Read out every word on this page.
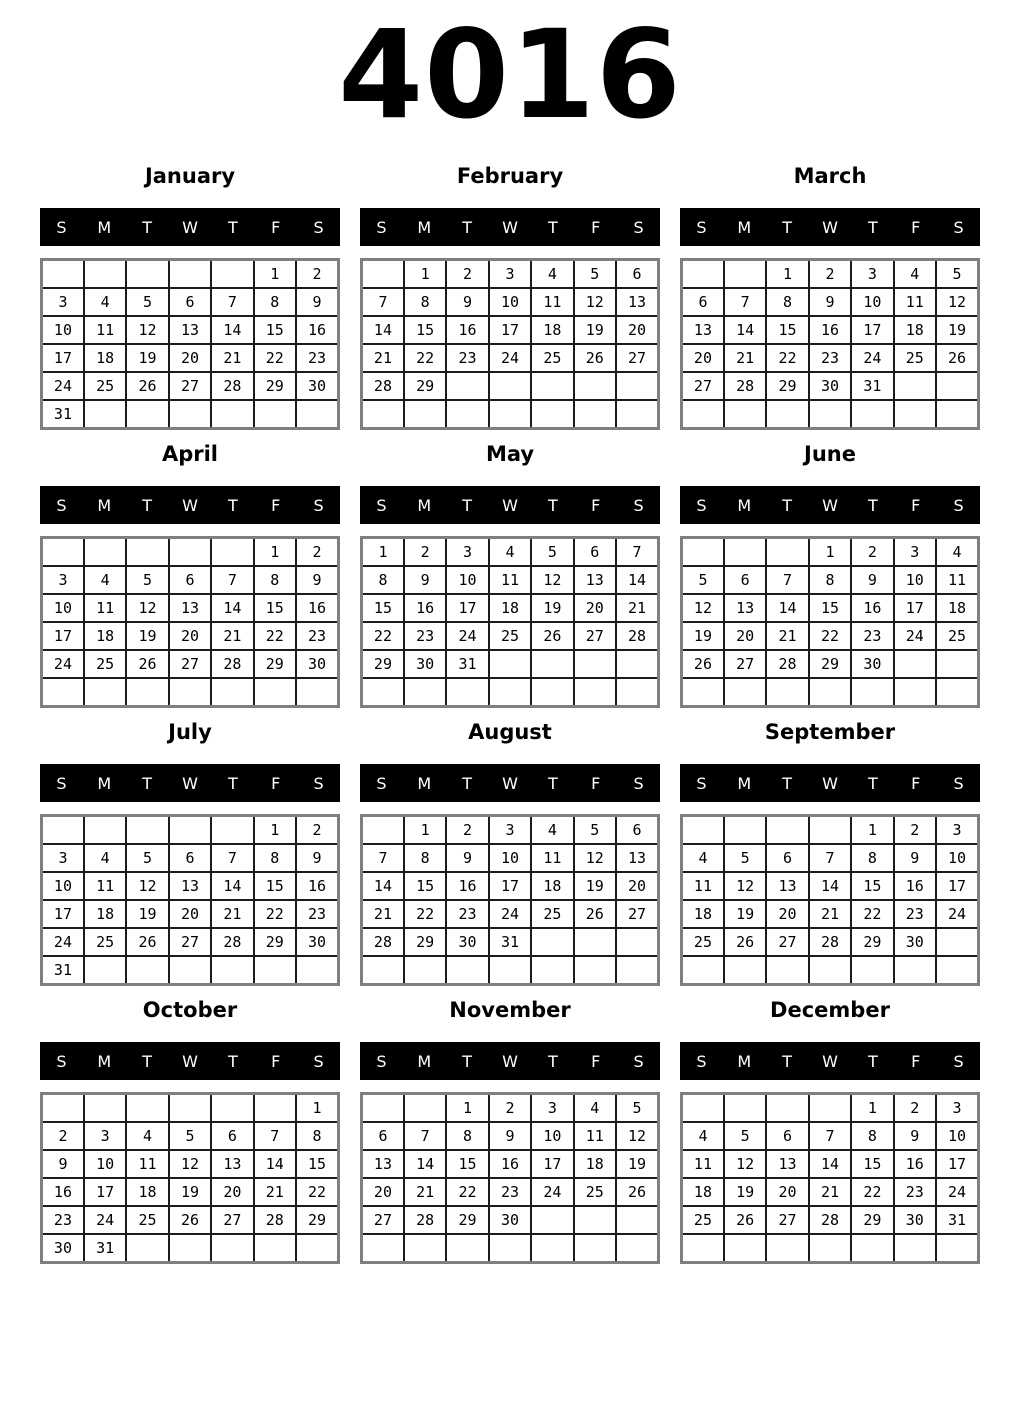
4016
January
S	M	T	W	T	F	S
					1	2
3	4	5	6	7	8	9
10	11	12	13	14	15	16
17	18	19	20	21	22	23
24	25	26	27	28	29	30
31						
February
S	M	T	W	T	F	S
	1	2	3	4	5	6
7	8	9	10	11	12	13
14	15	16	17	18	19	20
21	22	23	24	25	26	27
28	29					

March
S	M	T	W	T	F	S
		1	2	3	4	5
6	7	8	9	10	11	12
13	14	15	16	17	18	19
20	21	22	23	24	25	26
27	28	29	30	31		

April
S	M	T	W	T	F	S
					1	2
3	4	5	6	7	8	9
10	11	12	13	14	15	16
17	18	19	20	21	22	23
24	25	26	27	28	29	30

May
S	M	T	W	T	F	S
1	2	3	4	5	6	7
8	9	10	11	12	13	14
15	16	17	18	19	20	21
22	23	24	25	26	27	28
29	30	31				

June
S	M	T	W	T	F	S
			1	2	3	4
5	6	7	8	9	10	11
12	13	14	15	16	17	18
19	20	21	22	23	24	25
26	27	28	29	30		

July
S	M	T	W	T	F	S
					1	2
3	4	5	6	7	8	9
10	11	12	13	14	15	16
17	18	19	20	21	22	23
24	25	26	27	28	29	30
31						
August
S	M	T	W	T	F	S
	1	2	3	4	5	6
7	8	9	10	11	12	13
14	15	16	17	18	19	20
21	22	23	24	25	26	27
28	29	30	31			

September
S	M	T	W	T	F	S
				1	2	3
4	5	6	7	8	9	10
11	12	13	14	15	16	17
18	19	20	21	22	23	24
25	26	27	28	29	30	

October
S	M	T	W	T	F	S
						1
2	3	4	5	6	7	8
9	10	11	12	13	14	15
16	17	18	19	20	21	22
23	24	25	26	27	28	29
30	31					
November
S	M	T	W	T	F	S
		1	2	3	4	5
6	7	8	9	10	11	12
13	14	15	16	17	18	19
20	21	22	23	24	25	26
27	28	29	30			

December
S	M	T	W	T	F	S
				1	2	3
4	5	6	7	8	9	10
11	12	13	14	15	16	17
18	19	20	21	22	23	24
25	26	27	28	29	30	31
